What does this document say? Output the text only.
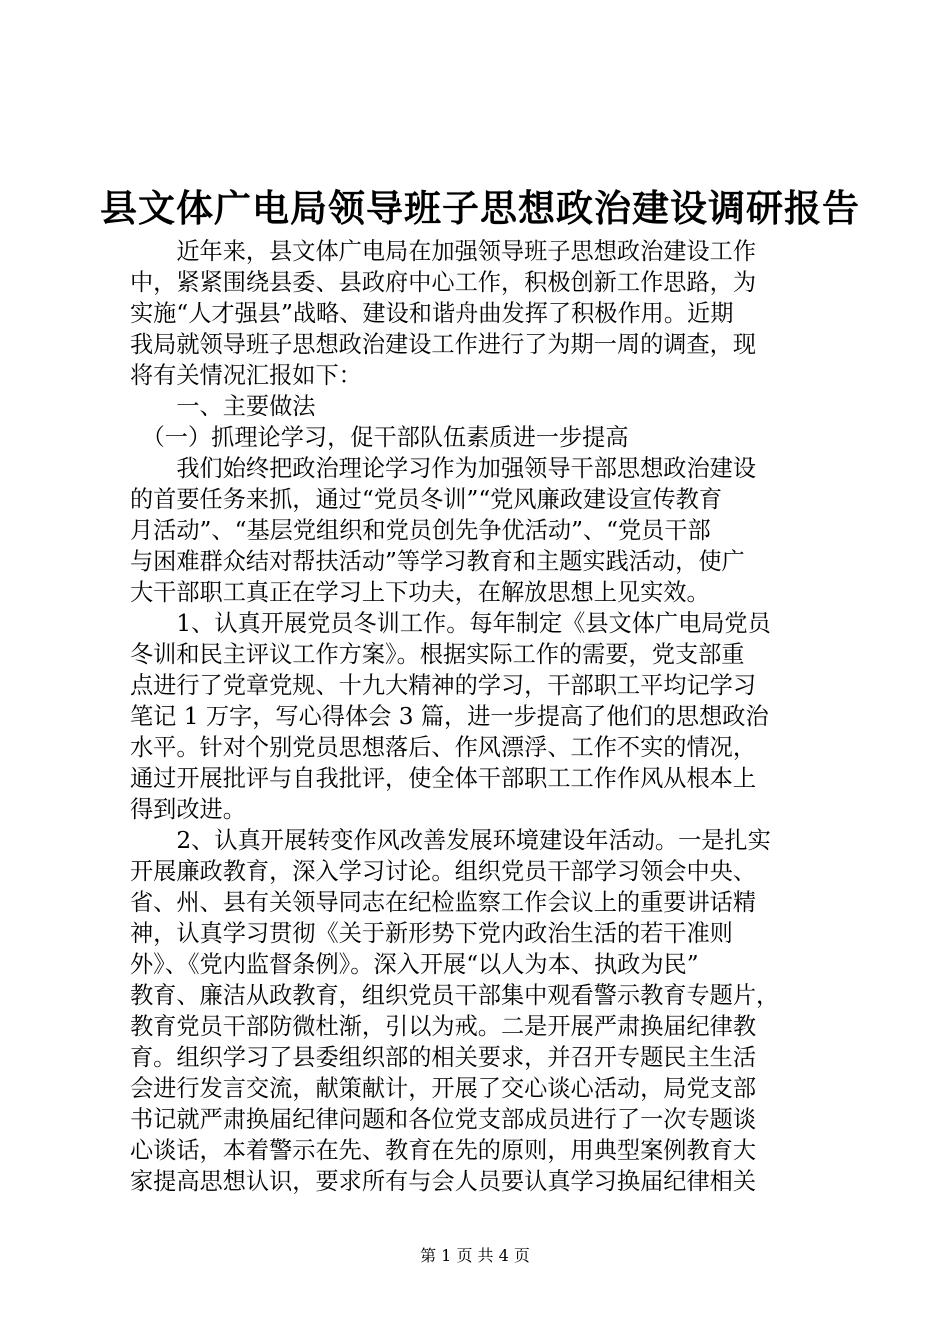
县文体广电局领导班子思想政治建设调研报告
　　近年来，县文体广电局在加强领导班子思想政治建设工作
中，紧紧围绕县委、县政府中心工作，积极创新工作思路，为
实施“人才强县”战略、建设和谐舟曲发挥了积极作用。近期
我局就领导班子思想政治建设工作进行了为期一周的调查，现
将有关情况汇报如下：
　　一、主要做法
　（一）抓理论学习，促干部队伍素质进一步提高
　　我们始终把政治理论学习作为加强领导干部思想政治建设
的首要任务来抓，通过“党员冬训”“党风廉政建设宣传教育
月活动”、“基层党组织和党员创先争优活动”、“党员干部
与困难群众结对帮扶活动”等学习教育和主题实践活动，使广
大干部职工真正在学习上下功夫，在解放思想上见实效。
　　1、认真开展党员冬训工作。每年制定《县文体广电局党员
冬训和民主评议工作方案》。根据实际工作的需要，党支部重
点进行了党章党规、十九大精神的学习，干部职工平均记学习
笔记 1 万字，写心得体会 3 篇，进一步提高了他们的思想政治
水平。针对个别党员思想落后、作风漂浮、工作不实的情况，
通过开展批评与自我批评，使全体干部职工工作作风从根本上
得到改进。
　　2、认真开展转变作风改善发展环境建设年活动。一是扎实
开展廉政教育，深入学习讨论。组织党员干部学习领会中央、
省、州、县有关领导同志在纪检监察工作会议上的重要讲话精
神，认真学习贯彻《关于新形势下党内政治生活的若干准则
外》、《党内监督条例》。深入开展“以人为本、执政为民”
教育、廉洁从政教育，组织党员干部集中观看警示教育专题片，
教育党员干部防微杜渐，引以为戒。二是开展严肃换届纪律教
育。组织学习了县委组织部的相关要求，并召开专题民主生活
会进行发言交流，献策献计，开展了交心谈心活动，局党支部
书记就严肃换届纪律问题和各位党支部成员进行了一次专题谈
心谈话，本着警示在先、教育在先的原则，用典型案例教育大
家提高思想认识，要求所有与会人员要认真学习换届纪律相关
第 1 页 共 4 页
